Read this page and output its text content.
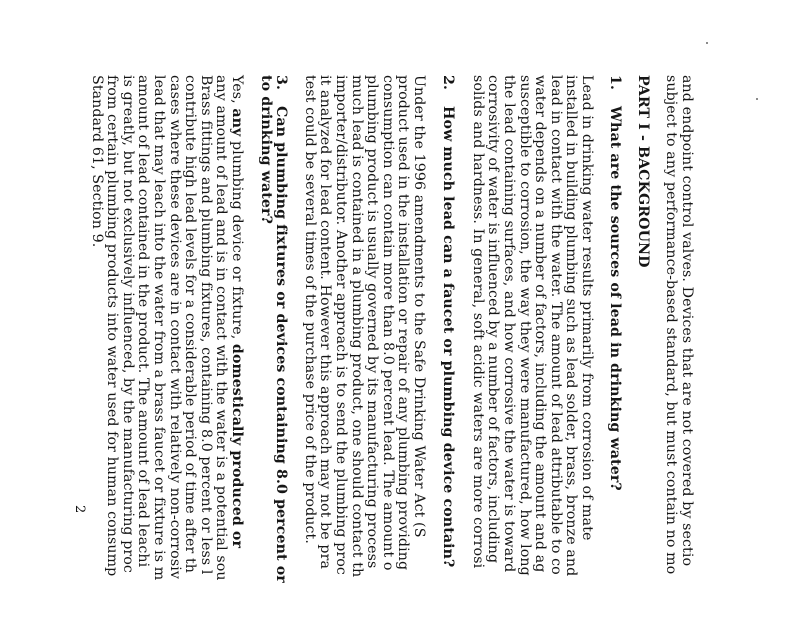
and endpoint control valves. Devices that are not covered by sectio
subject to any performance-based standard, but must contain no mo
PART I - BACKGROUND
1.
What are the sources of lead in drinking water?
Lead in drinking water results primarily from corrosion of mate
installed in building plumbing such as lead solder, brass, bronze and
lead in contact with the water. The amount of lead attributable to co
water depends on a number of factors, including the amount and ag
susceptible to corrosion, the way they were manufactured, how long
the lead containing surfaces, and how corrosive the water is toward
corrosivity of water is influenced by a number of factors, including
solids and hardness. In general, soft acidic waters are more corrosi
2.
How much lead can a faucet or plumbing device contain?
Under the 1996 amendments to the Safe Drinking Water Act (S
product used in the installation or repair of any plumbing providing
consumption can contain more than 8.0 percent lead. The amount o
plumbing product is usually governed by its manufacturing process
much lead is contained in a plumbing product, one should contact th
importer/distributor. Another approach is to send the plumbing proc
it analyzed for lead content. However this approach may not be pra
test could be several times of the purchase price of the product.
3.
Can plumbing fixtures or devices containing 8.0 percent or
to drinking water?
Yes, any plumbing device or fixture, domestically produced or
any amount of lead and is in contact with the water is a potential sou
Brass fittings and plumbing fixtures, containing 8.0 percent or less l
contribute high lead levels for a considerable period of time after th
cases where these devices are in contact with relatively non-corrosiv
lead that may leach into the water from a brass faucet or fixture is m
amount of lead contained in the product. The amount of lead leachi
is greatly, but not exclusively influenced, by the manufacturing proc
from certain plumbing products into water used for human consump
Standard 61, Section 9.
2
